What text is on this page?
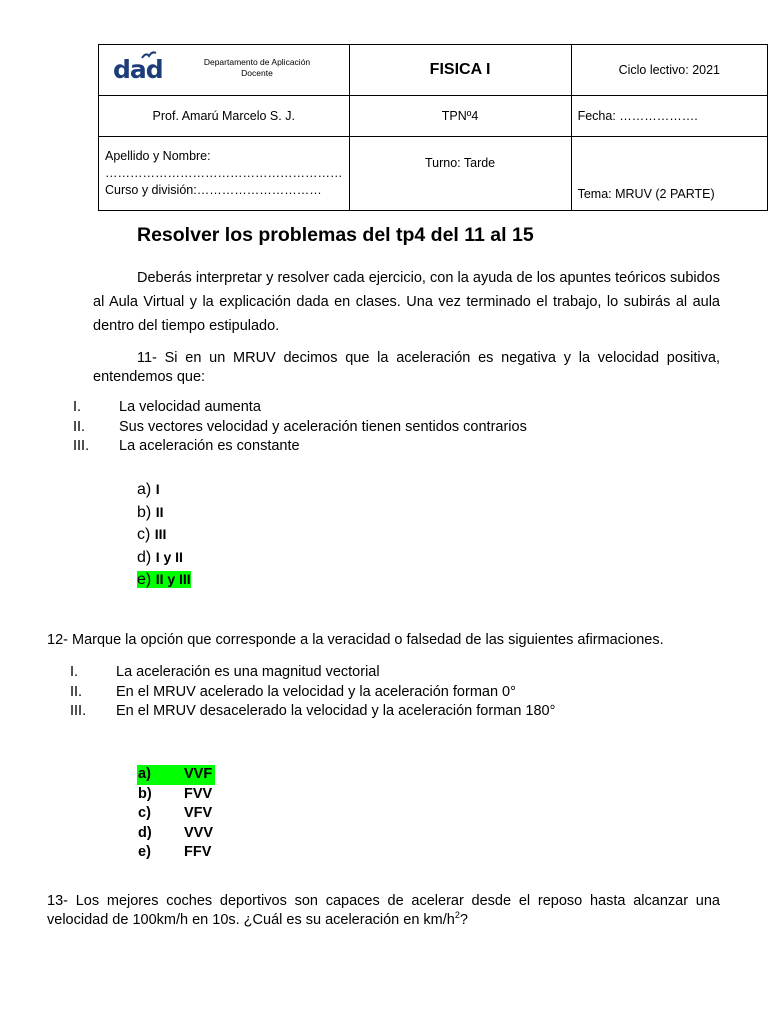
dad Departamento de Aplicación Docente	FISICA I	Ciclo lectivo: 2021
Prof. Amarú Marcelo S. J.	TPNº4	Fecha: ……………….

Apellido y Nombre:
…………………………………………………
Curso y división:…………………………	Turno: Tarde	Tema: MRUV (2 PARTE)
Resolver los problemas del tp4 del 11 al 15
Deberás interpretar y resolver cada ejercicio, con la ayuda de los apuntes teóricos subidos al Aula Virtual y la explicación dada en clases. Una vez terminado el trabajo, lo subirás al aula dentro del tiempo estipulado.
11- Si en un MRUV decimos que la aceleración es negativa y la velocidad positiva, entendemos que:
I.	La velocidad aumenta
II. Sus vectores velocidad y aceleración tienen sentidos contrarios
III. La aceleración es constante
a) I
b) II
c) III
d) I y II
e) II y III
12- Marque la opción que corresponde a la veracidad o falsedad de las siguientes afirmaciones.
I.	La aceleración es una magnitud vectorial
II. En el MRUV acelerado la velocidad y la aceleración forman 0°
III. En el MRUV desacelerado la velocidad y la aceleración forman 180°
a) VVF
b) FVV
c) VFV
d) VVV
e) FFV
13- Los mejores coches deportivos son capaces de acelerar desde el reposo hasta alcanzar una velocidad de 100km/h en 10s. ¿Cuál es su aceleración en $km/h^2$?
